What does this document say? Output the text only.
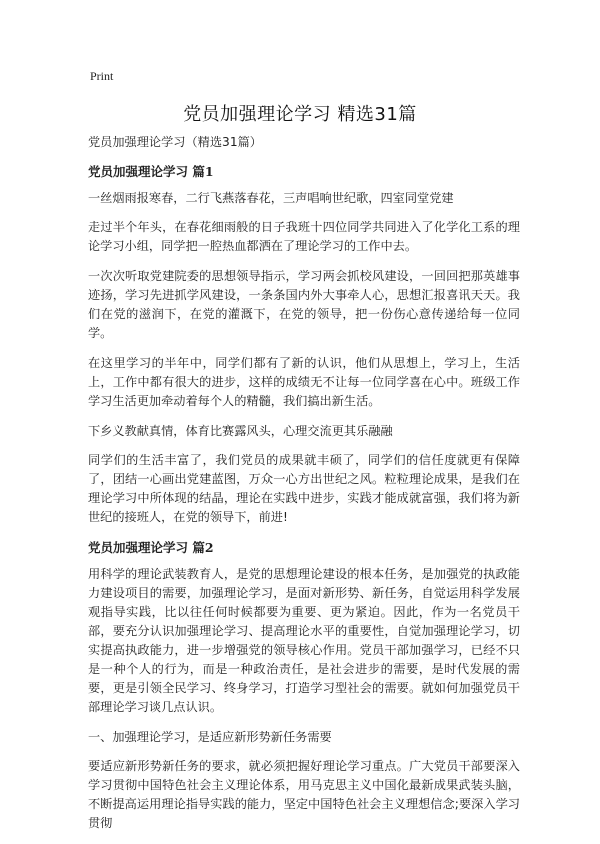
Print
党员加强理论学习 精选31篇

党员加强理论学习（精选31篇）

党员加强理论学习 篇1

一丝烟雨报寒春，二行飞燕落春花，三声唱响世纪歌，四室同堂党建

走过半个年头，在春花细雨般的日子我班十四位同学共同进入了化学化工系的理论学习小组，同学把一腔热血都洒在了理论学习的工作中去。

一次次听取党建院委的思想领导指示，学习两会抓校风建设，一回回把那英雄事迹扬，学习先进抓学风建设，一条条国内外大事牵人心，思想汇报喜讯天天。我们在党的滋润下，在党的灌溉下，在党的领导，把一份伤心意传递给每一位同学。

在这里学习的半年中，同学们都有了新的认识，他们从思想上，学习上，生活上，工作中都有很大的进步，这样的成绩无不让每一位同学喜在心中。班级工作学习生活更加牵动着每个人的精髓，我们搞出新生活。

下乡义教献真情，体育比赛露风头，心理交流更其乐融融

同学们的生活丰富了，我们党员的成果就丰硕了，同学们的信任度就更有保障了，团结一心画出党建蓝图，万众一心方出世纪之风。粒粒理论成果，是我们在理论学习中所体现的结晶，理论在实践中进步，实践才能成就富强，我们将为新世纪的接班人，在党的领导下，前进!

党员加强理论学习 篇2

用科学的理论武装教育人，是党的思想理论建设的根本任务，是加强党的执政能力建设项目的需要，加强理论学习，是面对新形势、新任务，自觉运用科学发展观指导实践，比以往任何时候都要为重要、更为紧迫。因此，作为一名党员干部，要充分认识加强理论学习、提高理论水平的重要性，自觉加强理论学习，切实提高执政能力，进一步增强党的领导核心作用。党员干部加强学习，已经不只是一种个人的行为，而是一种政治责任，是社会进步的需要，是时代发展的需要，更是引领全民学习、终身学习，打造学习型社会的需要。就如何加强党员干部理论学习谈几点认识。

一、加强理论学习，是适应新形势新任务需要

要适应新形势新任务的要求，就必须把握好理论学习重点。广大党员干部要深入学习贯彻中国特色社会主义理论体系，用马克思主义中国化最新成果武装头脑，不断提高运用理论指导实践的能力，坚定中国特色社会主义理想信念;要深入学习贯彻
